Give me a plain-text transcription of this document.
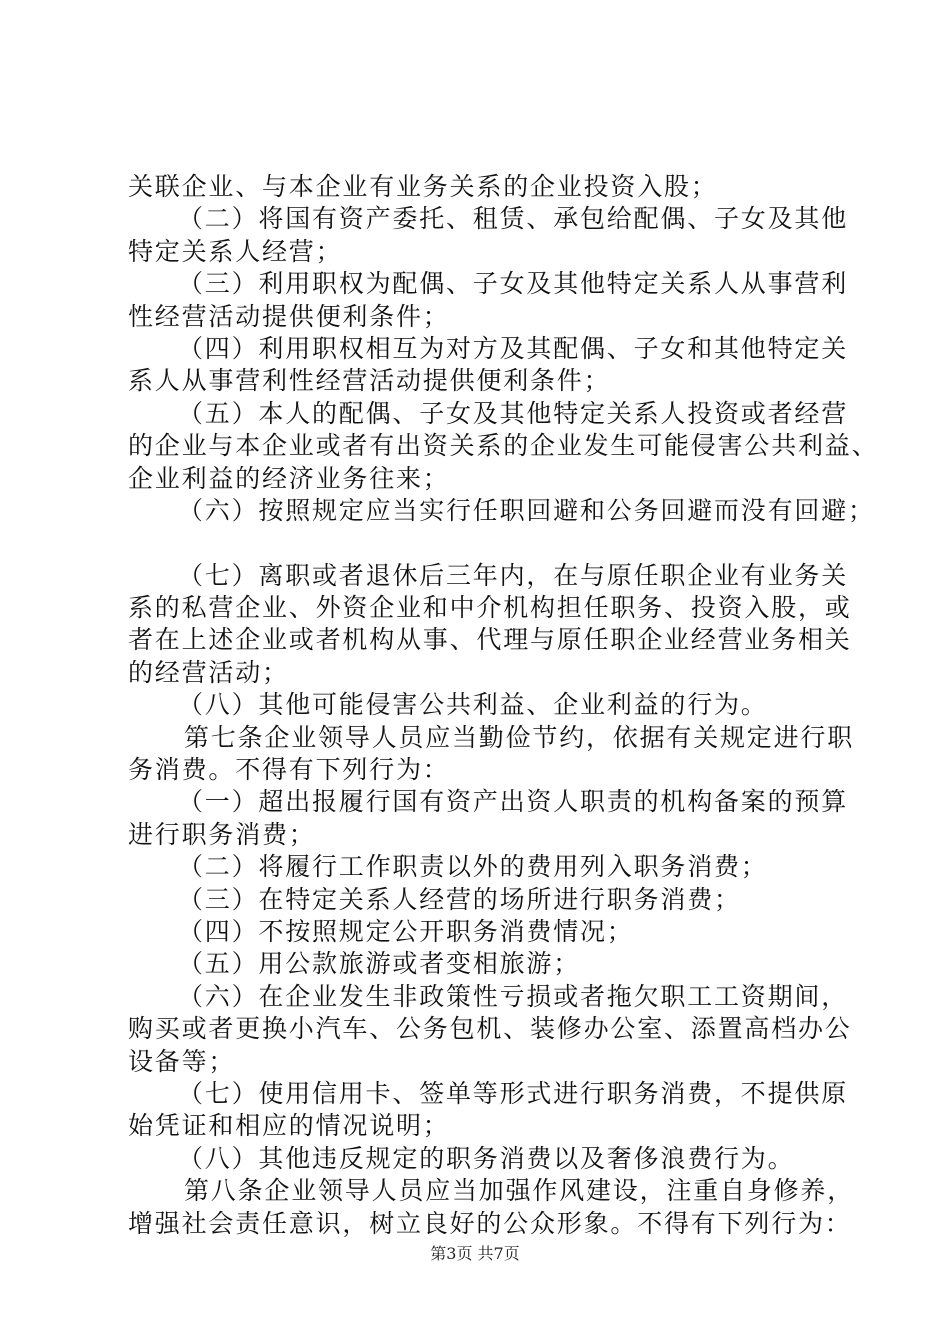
关联企业、与本企业有业务关系的企业投资入股；
（二）将国有资产委托、租赁、承包给配偶、子女及其他
特定关系人经营；
（三）利用职权为配偶、子女及其他特定关系人从事营利
性经营活动提供便利条件；
（四）利用职权相互为对方及其配偶、子女和其他特定关
系人从事营利性经营活动提供便利条件；
（五）本人的配偶、子女及其他特定关系人投资或者经营
的企业与本企业或者有出资关系的企业发生可能侵害公共利益、
企业利益的经济业务往来；
（六）按照规定应当实行任职回避和公务回避而没有回避；
（七）离职或者退休后三年内，在与原任职企业有业务关
系的私营企业、外资企业和中介机构担任职务、投资入股，或
者在上述企业或者机构从事、代理与原任职企业经营业务相关
的经营活动；
（八）其他可能侵害公共利益、企业利益的行为。
第七条企业领导人员应当勤俭节约，依据有关规定进行职
务消费。不得有下列行为：
（一）超出报履行国有资产出资人职责的机构备案的预算
进行职务消费；
（二）将履行工作职责以外的费用列入职务消费；
（三）在特定关系人经营的场所进行职务消费；
（四）不按照规定公开职务消费情况；
（五）用公款旅游或者变相旅游；
（六）在企业发生非政策性亏损或者拖欠职工工资期间，
购买或者更换小汽车、公务包机、装修办公室、添置高档办公
设备等；
（七）使用信用卡、签单等形式进行职务消费，不提供原
始凭证和相应的情况说明；
（八）其他违反规定的职务消费以及奢侈浪费行为。
第八条企业领导人员应当加强作风建设，注重自身修养，
增强社会责任意识，树立良好的公众形象。不得有下列行为：
第3页 共7页
